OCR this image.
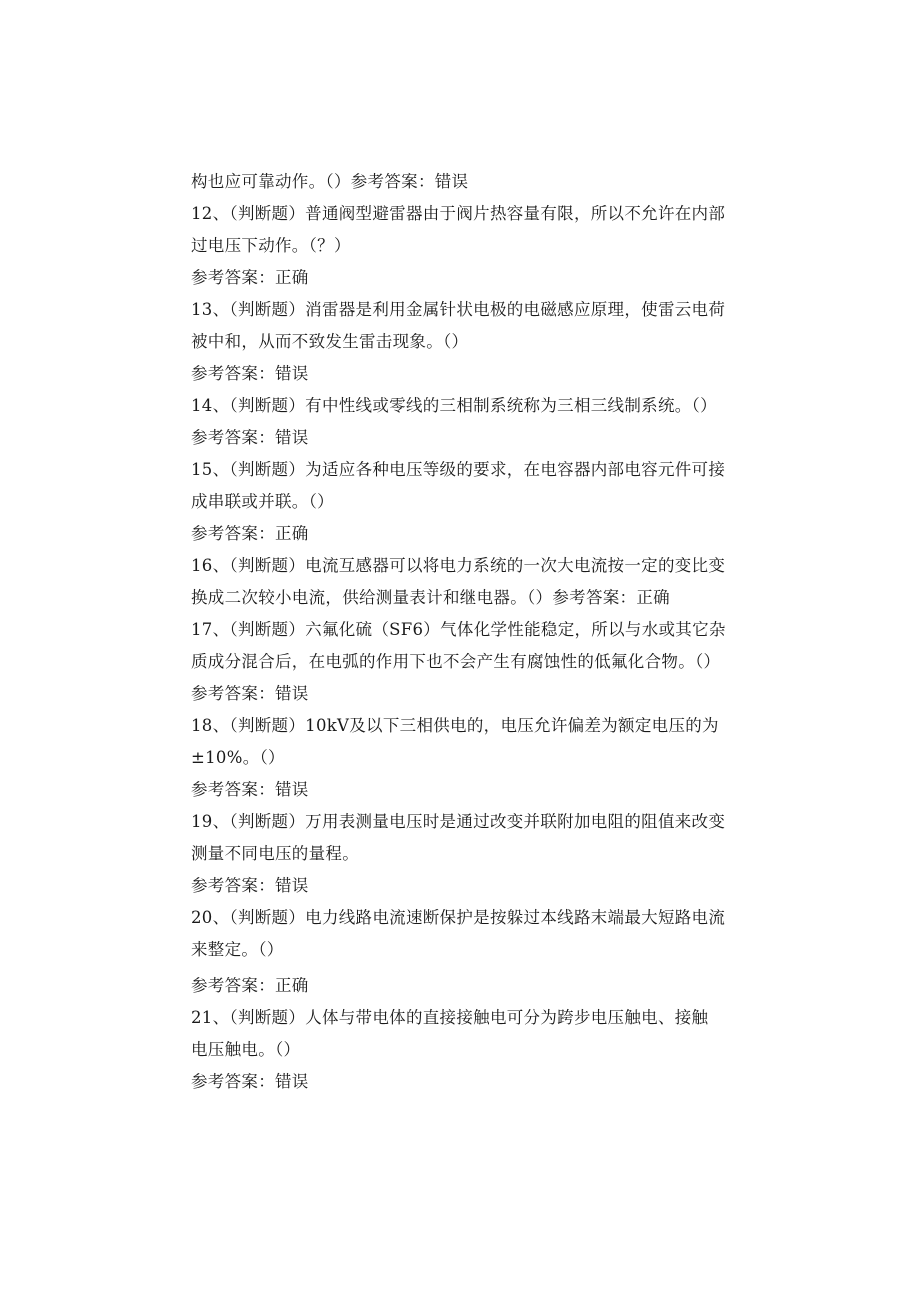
构也应可靠动作。（）参考答案：错误
12、（判断题）普通阀型避雷器由于阀片热容量有限，所以不允许在内部
过电压下动作。（？）
参考答案：正确
13、（判断题）消雷器是利用金属针状电极的电磁感应原理，使雷云电荷
被中和，从而不致发生雷击现象。（）
参考答案：错误
14、（判断题）有中性线或零线的三相制系统称为三相三线制系统。（）
参考答案：错误
15、（判断题）为适应各种电压等级的要求，在电容器内部电容元件可接
成串联或并联。（）
参考答案：正确
16、（判断题）电流互感器可以将电力系统的一次大电流按一定的变比变
换成二次较小电流，供给测量表计和继电器。（）参考答案：正确
17、（判断题）六氟化硫（SF6）气体化学性能稳定，所以与水或其它杂
质成分混合后，在电弧的作用下也不会产生有腐蚀性的低氟化合物。（）
参考答案：错误
18、（判断题）10kV及以下三相供电的，电压允许偏差为额定电压的为
±10%。（）
参考答案：错误
19、（判断题）万用表测量电压时是通过改变并联附加电阻的阻值来改变
测量不同电压的量程。
参考答案：错误
20、（判断题）电力线路电流速断保护是按躲过本线路末端最大短路电流
来整定。（）
参考答案：正确
21、（判断题）人体与带电体的直接接触电可分为跨步电压触电、接触
电压触电。（）
参考答案：错误
